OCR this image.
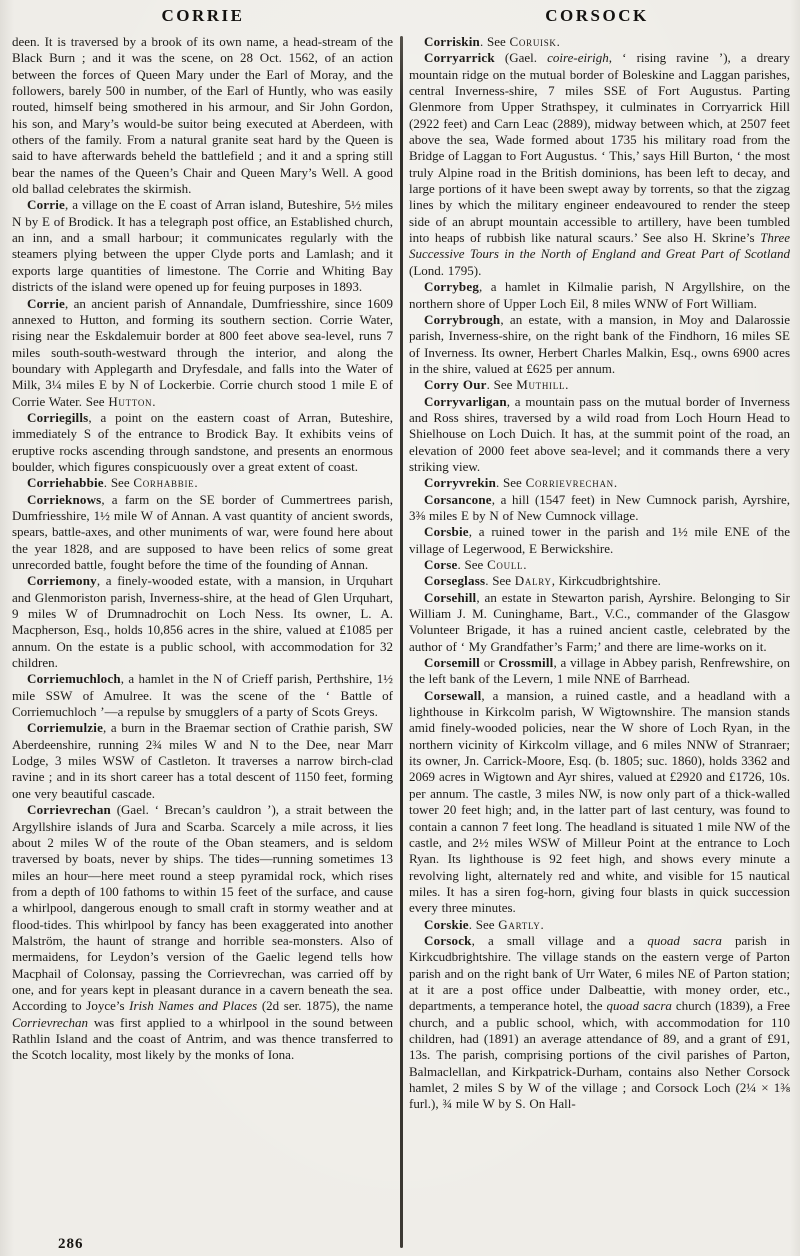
CORRIE	CORSOCK

deen. It is traversed by a brook of its own name, a head-stream of the Black Burn ; and it was the scene, on 28 Oct. 1562, of an action between the forces of Queen Mary under the Earl of Moray, and the followers, barely 500 in number, of the Earl of Huntly, who was easily routed, himself being smothered in his armour, and Sir John Gordon, his son, and Mary’s would-be suitor being executed at Aberdeen, with others of the family. From a natural granite seat hard by the Queen is said to have afterwards beheld the battlefield ; and it and a spring still bear the names of the Queen’s Chair and Queen Mary’s Well. A good old ballad celebrates the skirmish.

Corrie, a village on the E coast of Arran island, Buteshire, 5½ miles N by E of Brodick. It has a telegraph post office, an Established church, an inn, and a small harbour; it communicates regularly with the steamers plying between the upper Clyde ports and Lamlash; and it exports large quantities of limestone. The Corrie and Whiting Bay districts of the island were opened up for feuing purposes in 1893.

Corrie, an ancient parish of Annandale, Dumfriesshire, since 1609 annexed to Hutton, and forming its southern section. Corrie Water, rising near the Eskdalemuir border at 800 feet above sea-level, runs 7 miles south-south-westward through the interior, and along the boundary with Applegarth and Dryfesdale, and falls into the Water of Milk, 3¼ miles E by N of Lockerbie. Corrie church stood 1 mile E of Corrie Water. See Hutton.

Corriegills, a point on the eastern coast of Arran, Buteshire, immediately S of the entrance to Brodick Bay. It exhibits veins of eruptive rocks ascending through sandstone, and presents an enormous boulder, which figures conspicuously over a great extent of coast.

Corriehabbie. See Corhabbie.

Corrieknows, a farm on the SE border of Cummertrees parish, Dumfriesshire, 1½ mile W of Annan. A vast quantity of ancient swords, spears, battle-axes, and other muniments of war, were found here about the year 1828, and are supposed to have been relics of some great unrecorded battle, fought before the time of the founding of Annan.

Corriemony, a finely-wooded estate, with a mansion, in Urquhart and Glenmoriston parish, Inverness-shire, at the head of Glen Urquhart, 9 miles W of Drumnadrochit on Loch Ness. Its owner, L. A. Macpherson, Esq., holds 10,856 acres in the shire, valued at £1085 per annum. On the estate is a public school, with accommodation for 32 children.

Corriemuchloch, a hamlet in the N of Crieff parish, Perthshire, 1½ mile SSW of Amulree. It was the scene of the ‘ Battle of Corriemuchloch ’—a repulse by smugglers of a party of Scots Greys.

Corriemulzie, a burn in the Braemar section of Crathie parish, SW Aberdeenshire, running 2¾ miles W and N to the Dee, near Marr Lodge, 3 miles WSW of Castleton. It traverses a narrow birch-clad ravine ; and in its short career has a total descent of 1150 feet, forming one very beautiful cascade.

Corrievrechan (Gael. ‘ Brecan’s cauldron ’), a strait between the Argyllshire islands of Jura and Scarba. Scarcely a mile across, it lies about 2 miles W of the route of the Oban steamers, and is seldom traversed by boats, never by ships. The tides—running sometimes 13 miles an hour—here meet round a steep pyramidal rock, which rises from a depth of 100 fathoms to within 15 feet of the surface, and cause a whirlpool, dangerous enough to small craft in stormy weather and at flood-tides. This whirlpool by fancy has been exaggerated into another Malström, the haunt of strange and horrible sea-monsters. Also of mermaidens, for Leydon’s version of the Gaelic legend tells how Macphail of Colonsay, passing the Corrievrechan, was carried off by one, and for years kept in pleasant durance in a cavern beneath the sea. According to Joyce’s Irish Names and Places (2d ser. 1875), the name Corrievrechan was first applied to a whirlpool in the sound between Rathlin Island and the coast of Antrim, and was thence transferred to the Scotch locality, most likely by the monks of Iona.

Corriskin. See Coruisk.

Corryarrick (Gael. coire-eirigh, ‘ rising ravine ’), a dreary mountain ridge on the mutual border of Boleskine and Laggan parishes, central Inverness-shire, 7 miles SSE of Fort Augustus. Parting Glenmore from Upper Strathspey, it culminates in Corryarrick Hill (2922 feet) and Carn Leac (2889), midway between which, at 2507 feet above the sea, Wade formed about 1735 his military road from the Bridge of Laggan to Fort Augustus. ‘ This,’ says Hill Burton, ‘ the most truly Alpine road in the British dominions, has been left to decay, and large portions of it have been swept away by torrents, so that the zigzag lines by which the military engineer endeavoured to render the steep side of an abrupt mountain accessible to artillery, have been tumbled into heaps of rubbish like natural scaurs.’ See also H. Skrine’s Three Successive Tours in the North of England and Great Part of Scotland (Lond. 1795).

Corrybeg, a hamlet in Kilmalie parish, N Argyllshire, on the northern shore of Upper Loch Eil, 8 miles WNW of Fort William.

Corrybrough, an estate, with a mansion, in Moy and Dalarossie parish, Inverness-shire, on the right bank of the Findhorn, 16 miles SE of Inverness. Its owner, Herbert Charles Malkin, Esq., owns 6900 acres in the shire, valued at £625 per annum.

Corry Our. See Muthill.

Corryvarligan, a mountain pass on the mutual border of Inverness and Ross shires, traversed by a wild road from Loch Hourn Head to Shielhouse on Loch Duich. It has, at the summit point of the road, an elevation of 2000 feet above sea-level; and it commands there a very striking view.

Corryvrekin. See Corrievrechan.

Corsancone, a hill (1547 feet) in New Cumnock parish, Ayrshire, 3⅜ miles E by N of New Cumnock village.

Corsbie, a ruined tower in the parish and 1½ mile ENE of the village of Legerwood, E Berwickshire.

Corse. See Coull.

Corseglass. See Dalry, Kirkcudbrightshire.

Corsehill, an estate in Stewarton parish, Ayrshire. Belonging to Sir William J. M. Cuninghame, Bart., V.C., commander of the Glasgow Volunteer Brigade, it has a ruined ancient castle, celebrated by the author of ‘ My Grandfather’s Farm;’ and there are lime-works on it.

Corsemill or Crossmill, a village in Abbey parish, Renfrewshire, on the left bank of the Levern, 1 mile NNE of Barrhead.

Corsewall, a mansion, a ruined castle, and a headland with a lighthouse in Kirkcolm parish, W Wigtownshire. The mansion stands amid finely-wooded policies, near the W shore of Loch Ryan, in the northern vicinity of Kirkcolm village, and 6 miles NNW of Stranraer; its owner, Jn. Carrick-Moore, Esq. (b. 1805; suc. 1860), holds 3362 and 2069 acres in Wigtown and Ayr shires, valued at £2920 and £1726, 10s. per annum. The castle, 3 miles NW, is now only part of a thick-walled tower 20 feet high; and, in the latter part of last century, was found to contain a cannon 7 feet long. The headland is situated 1 mile NW of the castle, and 2½ miles WSW of Milleur Point at the entrance to Loch Ryan. Its lighthouse is 92 feet high, and shows every minute a revolving light, alternately red and white, and visible for 15 nautical miles. It has a siren fog-horn, giving four blasts in quick succession every three minutes.

Corskie. See Gartly.

Corsock, a small village and a quoad sacra parish in Kirkcudbrightshire. The village stands on the eastern verge of Parton parish and on the right bank of Urr Water, 6 miles NE of Parton station; at it are a post office under Dalbeattie, with money order, etc., departments, a temperance hotel, the quoad sacra church (1839), a Free church, and a public school, which, with accommodation for 110 children, had (1891) an average attendance of 89, and a grant of £91, 13s. The parish, comprising portions of the civil parishes of Parton, Balmaclellan, and Kirkpatrick-Durham, contains also Nether Corsock hamlet, 2 miles S by W of the village ; and Corsock Loch (2¼ × 1⅜ furl.), ¾ mile W by S. On Hall-

286
